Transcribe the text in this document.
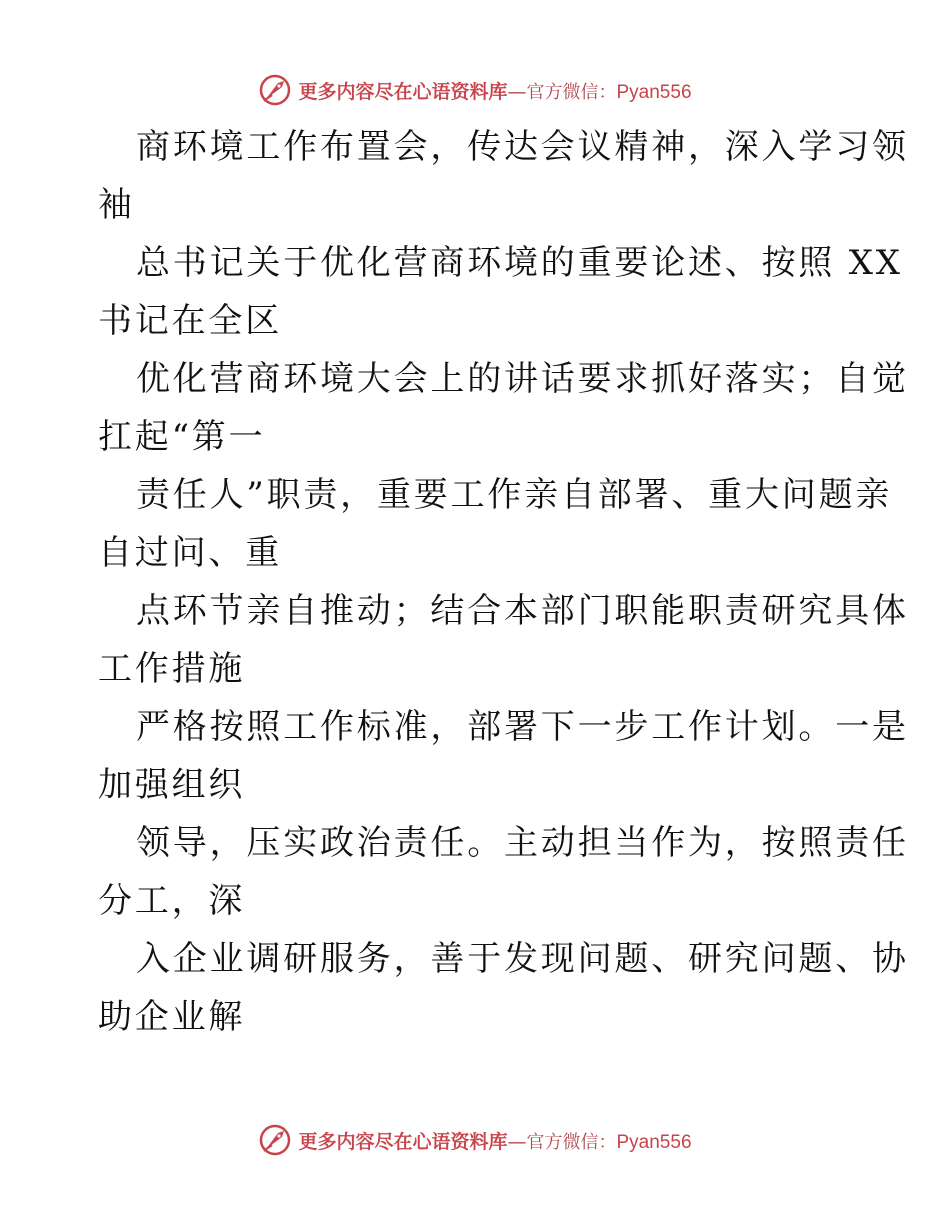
更多内容尽在心语资料库 — 官方微信： Pyan556
商环境工作布置会，传达会议精神，深入学习领
袖
总书记关于优化营商环境的重要论述、按照 XX
书记在全区
优化营商环境大会上的讲话要求抓好落实；自觉
扛起“第一
责任人”职责，重要工作亲自部署、重大问题亲
自过问、重
点环节亲自推动；结合本部门职能职责研究具体
工作措施
严格按照工作标准，部署下一步工作计划。一是
加强组织
领导，压实政治责任。主动担当作为，按照责任
分工，深
入企业调研服务，善于发现问题、研究问题、协
助企业解
更多内容尽在心语资料库 — 官方微信： Pyan556
